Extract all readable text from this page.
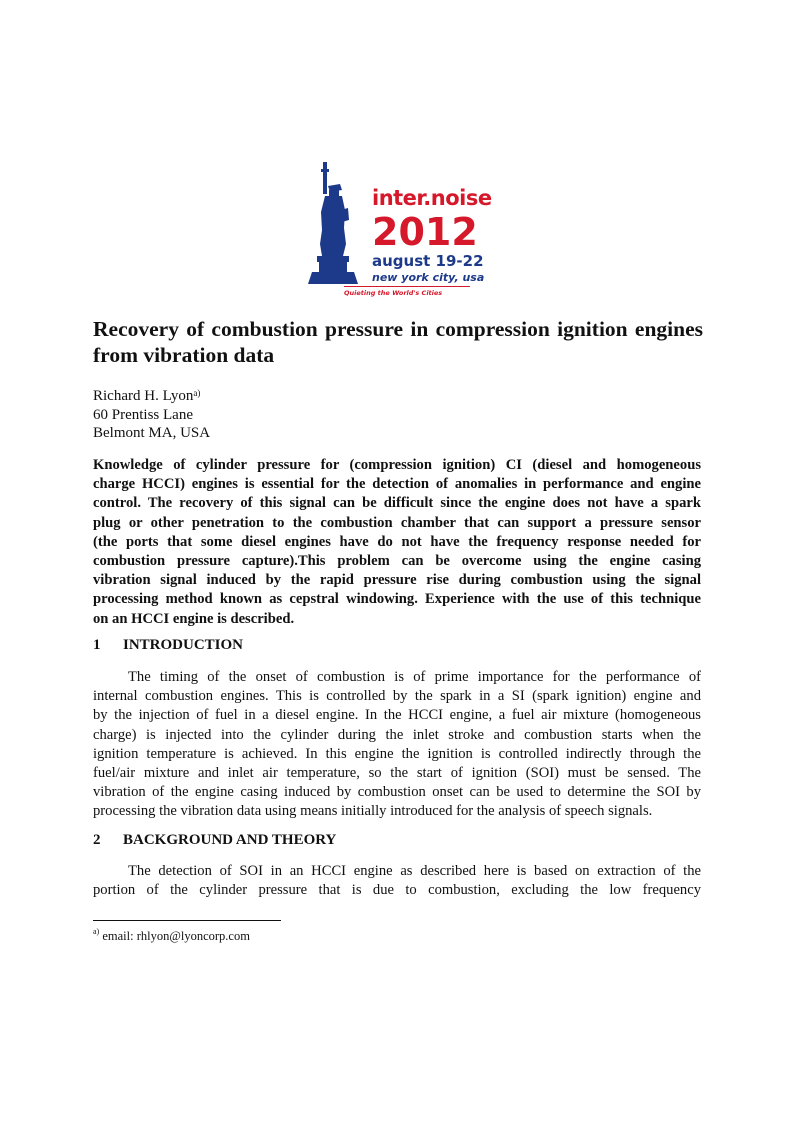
inter.noise
2012
august 19-22
new york city, usa
Quieting the World's Cities
Recovery of combustion pressure in compression ignition engines
from vibration data
Richard H. Lyon$^{a)}$
60 Prentiss Lane
Belmont MA, USA

Knowledge of cylinder pressure for (compression ignition) CI (diesel and homogeneous
charge HCCI) engines is essential for the detection of anomalies in performance and engine
control. The recovery of this signal can be difficult since the engine does not have a spark
plug or other penetration to the combustion chamber that can support a pressure sensor
(the ports that some diesel engines have do not have the frequency response needed for
combustion pressure capture).This problem can be overcome using the engine casing
vibration signal induced by the rapid pressure rise during combustion using the signal
processing method known as cepstral windowing. Experience with the use of this technique
on an HCCI engine is described.

1 INTRODUCTION

The timing of the onset of combustion is of prime importance for the performance of
internal combustion engines. This is controlled by the spark in a SI (spark ignition) engine and
by the injection of fuel in a diesel engine. In the HCCI engine, a fuel air mixture (homogeneous
charge) is injected into the cylinder during the inlet stroke and combustion starts when the
ignition temperature is achieved. In this engine the ignition is controlled indirectly through the
fuel/air mixture and inlet air temperature, so the start of ignition (SOI) must be sensed. The
vibration of the engine casing induced by combustion onset can be used to determine the SOI by
processing the vibration data using means initially introduced for the analysis of speech signals.

2 BACKGROUND AND THEORY

The detection of SOI in an HCCI engine as described here is based on extraction of the
portion of the cylinder pressure that is due to combustion, excluding the low frequency

$^{a)}$ email: rhlyon@lyoncorp.com
